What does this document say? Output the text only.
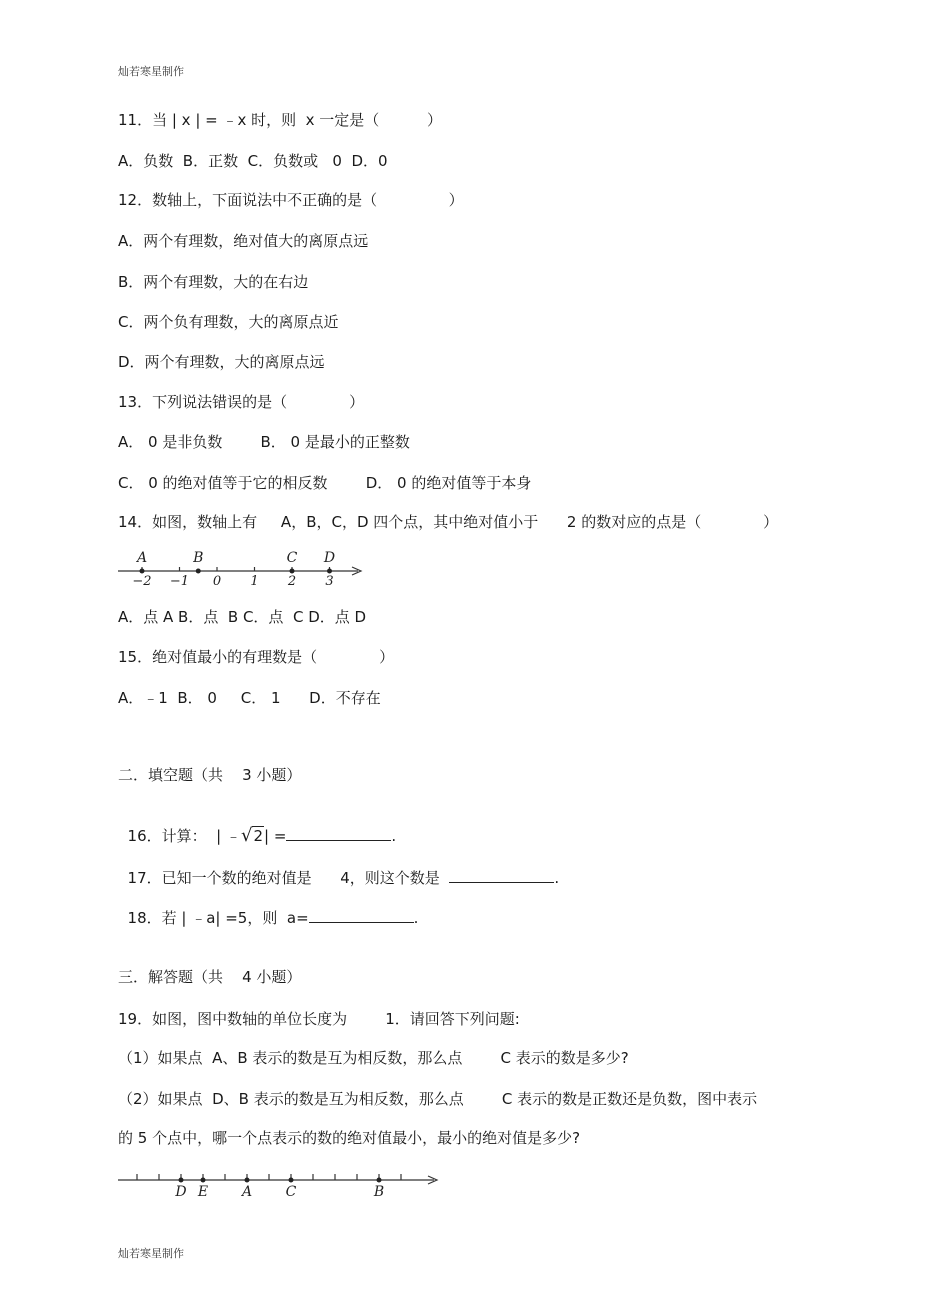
灿若寒星制作
11．当 | x | = ﹣x 时，则  x 一定是（          ）
A．负数  B．正数  C．负数或   0  D．0
12．数轴上，下面说法中不正确的是（               ）
A．两个有理数，绝对值大的离原点远
B．两个有理数，大的在右边
C．两个负有理数，大的离原点近
D．两个有理数，大的离原点远
13．下列说法错误的是（             ）
A． 0 是非负数        B． 0 是最小的正整数
C． 0 的绝对值等于它的相反数        D． 0 的绝对值等于本身
14．如图，数轴上有     A，B，C，D 四个点，其中绝对值小于      2 的数对应的点是（             ）
−2 −1 0 1 2 3
A	B	C D
A．点 A B．点  B C．点  C D．点 D
15．绝对值最小的有理数是（             ）
A．﹣1  B． 0     C． 1      D．不存在
二．填空题（共    3 小题）

16．计算：  | ﹣√2| =	.

17．已知一个数的绝对值是      4，则这个数是	.

18．若 | ﹣a| =5，则  a=	.

三．解答题（共    4 小题）
19．如图，图中数轴的单位长度为        1．请回答下列问题:
（1）如果点  A、B 表示的数是互为相反数，那么点        C 表示的数是多少?
（2）如果点  D、B 表示的数是互为相反数，那么点        C 表示的数是正数还是负数，图中表示
的 5 个点中，哪一个点表示的数的绝对值最小，最小的绝对值是多少?
D E A C	B
灿若寒星制作
